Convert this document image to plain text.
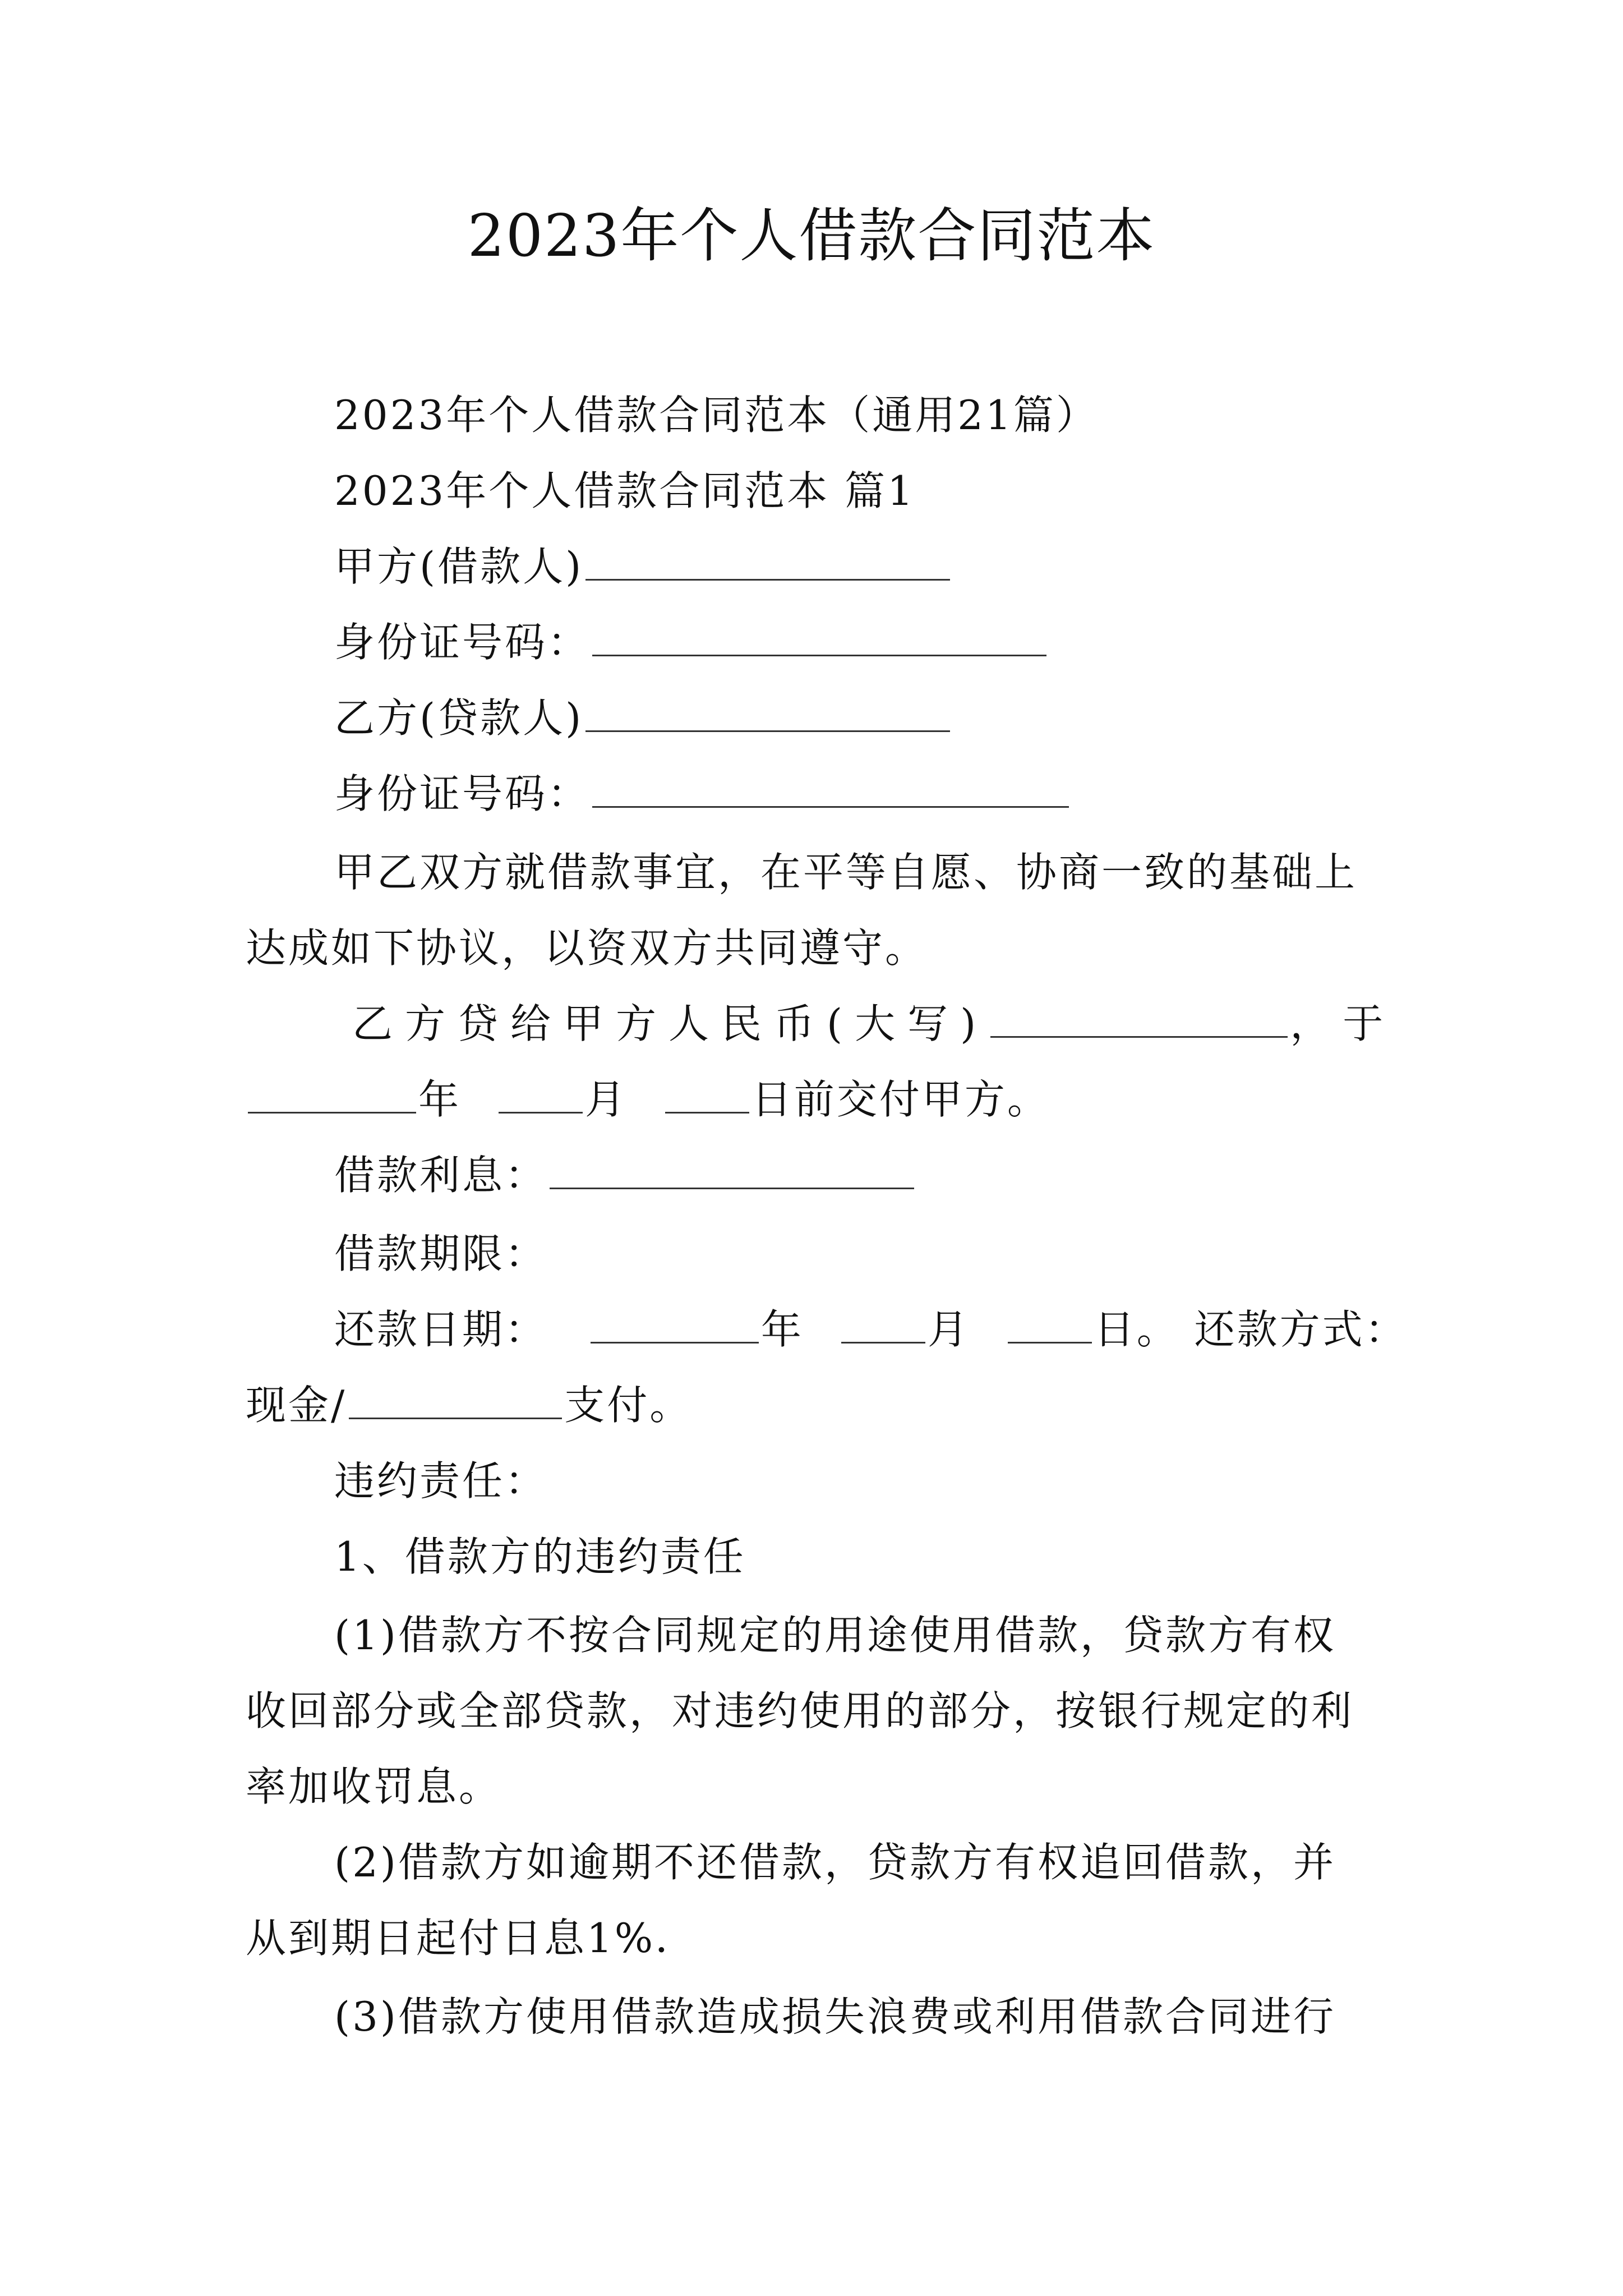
2023年个人借款合同范本
2023年个人借款合同范本（通用21篇）
2023年个人借款合同范本 篇1
甲方(借款人)
身份证号码：
乙方(贷款人)
身份证号码：
甲乙双方就借款事宜，在平等自愿、协商一致的基础上
达成如下协议，以资双方共同遵守。
乙方贷给甲方人民币(大写)	，于
年	月	日前交付甲方。
借款利息：
借款期限：
还款日期：	年	月	日。 还款方式：
现金/	支付。
违约责任：
1、借款方的违约责任
(1)借款方不按合同规定的用途使用借款，贷款方有权
收回部分或全部贷款，对违约使用的部分，按银行规定的利
率加收罚息。
(2)借款方如逾期不还借款，贷款方有权追回借款，并
从到期日起付日息1%．
(3)借款方使用借款造成损失浪费或利用借款合同进行
